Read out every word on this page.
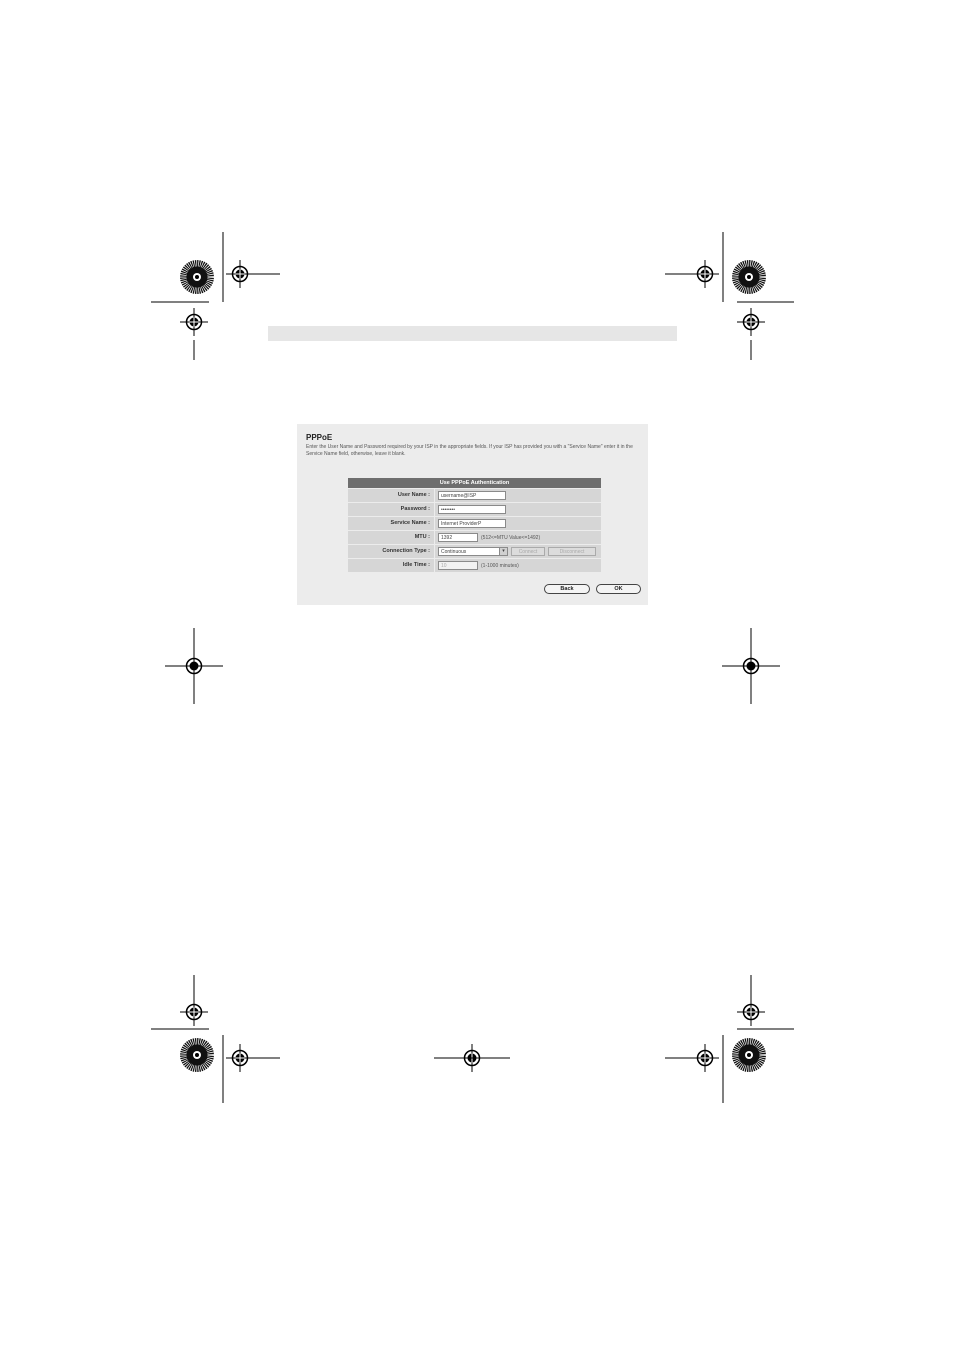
PPPoE
Enter the User Name and Password required by your ISP in the appropriate fields. If your ISP has provided you with a "Service Name" enter it in the Service Name field, otherwise, leave it blank.
Use PPPoE Authentication
User Name :	username@ISP
Password :	••••••••
Service Name :	Internet ProviderP
MTU :	1392	(512<=MTU Value<=1492)
Connection Type :	Continuous	▾	Connect	Disconnect
Idle Time :	10	(1-1000 minutes)
Back	OK
